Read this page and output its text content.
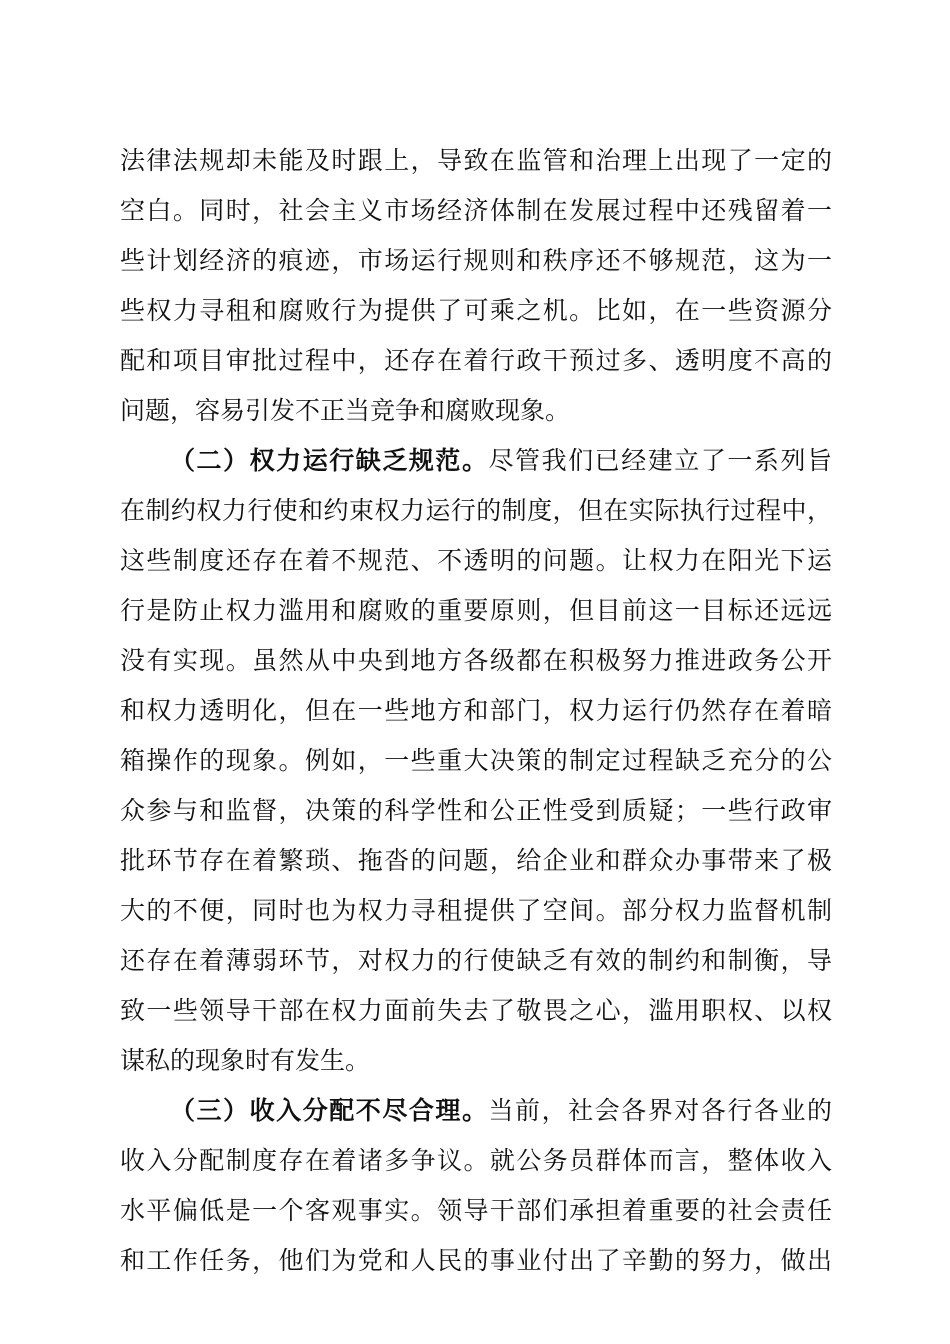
法律法规却未能及时跟上，导致在监管和治理上出现了一定的
空白。同时，社会主义市场经济体制在发展过程中还残留着一
些计划经济的痕迹，市场运行规则和秩序还不够规范，这为一
些权力寻租和腐败行为提供了可乘之机。比如，在一些资源分
配和项目审批过程中，还存在着行政干预过多、透明度不高的
问题，容易引发不正当竞争和腐败现象。
（二）权力运行缺乏规范。尽管我们已经建立了一系列旨
在制约权力行使和约束权力运行的制度，但在实际执行过程中，
这些制度还存在着不规范、不透明的问题。让权力在阳光下运
行是防止权力滥用和腐败的重要原则，但目前这一目标还远远
没有实现。虽然从中央到地方各级都在积极努力推进政务公开
和权力透明化，但在一些地方和部门，权力运行仍然存在着暗
箱操作的现象。例如，一些重大决策的制定过程缺乏充分的公
众参与和监督，决策的科学性和公正性受到质疑；一些行政审
批环节存在着繁琐、拖沓的问题，给企业和群众办事带来了极
大的不便，同时也为权力寻租提供了空间。部分权力监督机制
还存在着薄弱环节，对权力的行使缺乏有效的制约和制衡，导
致一些领导干部在权力面前失去了敬畏之心，滥用职权、以权
谋私的现象时有发生。
（三）收入分配不尽合理。当前，社会各界对各行各业的
收入分配制度存在着诸多争议。就公务员群体而言，整体收入
水平偏低是一个客观事实。领导干部们承担着重要的社会责任
和工作任务，他们为党和人民的事业付出了辛勤的努力，做出
